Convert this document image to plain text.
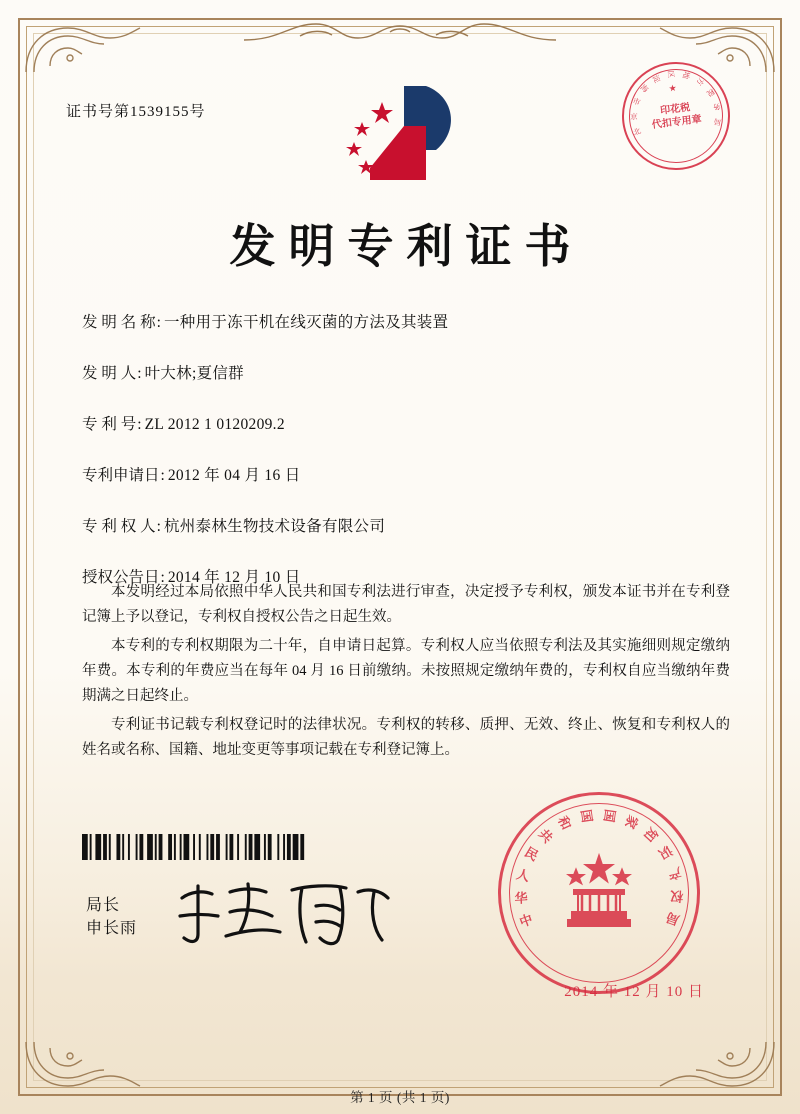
证书号第1539155号
★
北
京
市
海
淀 区 地
方
税
务
局
印花税
代扣专用章
发明专利证书
发 明 名 称 : 一种用于冻干机在线灭菌的方法及其装置
发 明 人 : 叶大林;夏信群
专 利 号 : ZL 2012 1 0120209.2
专利申请日 : 2012 年 04 月 16 日
专 利 权 人 : 杭州泰林生物技术设备有限公司
授权公告日 : 2014 年 12 月 10 日

本发明经过本局依照中华人民共和国专利法进行审查，决定授予专利权，颁发本证书并在专利登记簿上予以登记，专利权自授权公告之日起生效。

本专利的专利权期限为二十年，自申请日起算。专利权人应当依照专利法及其实施细则规定缴纳年费。本专利的年费应当在每年 04 月 16 日前缴纳。未按照规定缴纳年费的，专利权自应当缴纳年费期满之日起终止。

专利证书记载专利权登记时的法律状况。专利权的转移、质押、无效、终止、恢复和专利权人的姓名或名称、国籍、地址变更等事项记载在专利登记簿上。

局长
申长雨	中
华
人
民
共
和 国 国 家
知
识
产
权
局
2014 年 12 月 10 日
第 1 页 (共 1 页)
